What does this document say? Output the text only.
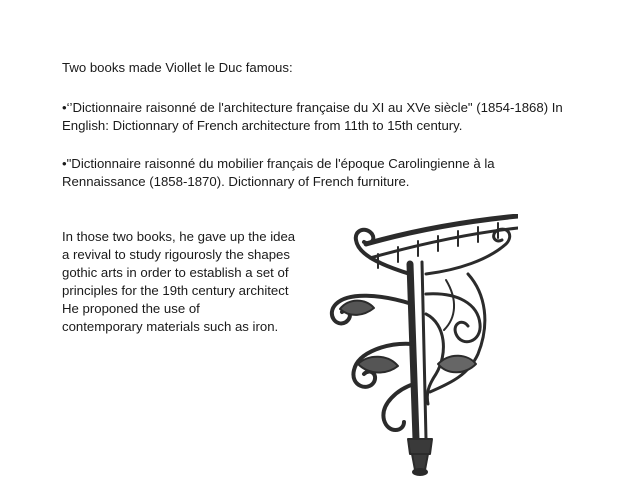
Two books made Viollet le Duc famous:
•‘’Dictionnaire raisonné de l'architecture française du XI au XVe siècle" (1854-1868) In
English: Dictionnary of French architecture from 11th to 15th century.
•"Dictionnaire raisonné du mobilier français de l'époque Carolingienne à la
Rennaissance (1858-1870). Dictionnary of French furniture.
In those two books, he gave up the idea
a revival to study rigourosly the shapes
gothic arts in order to establish a set of
principles for the 19th century architect
He proponed the use of
contemporary materials such as iron.
